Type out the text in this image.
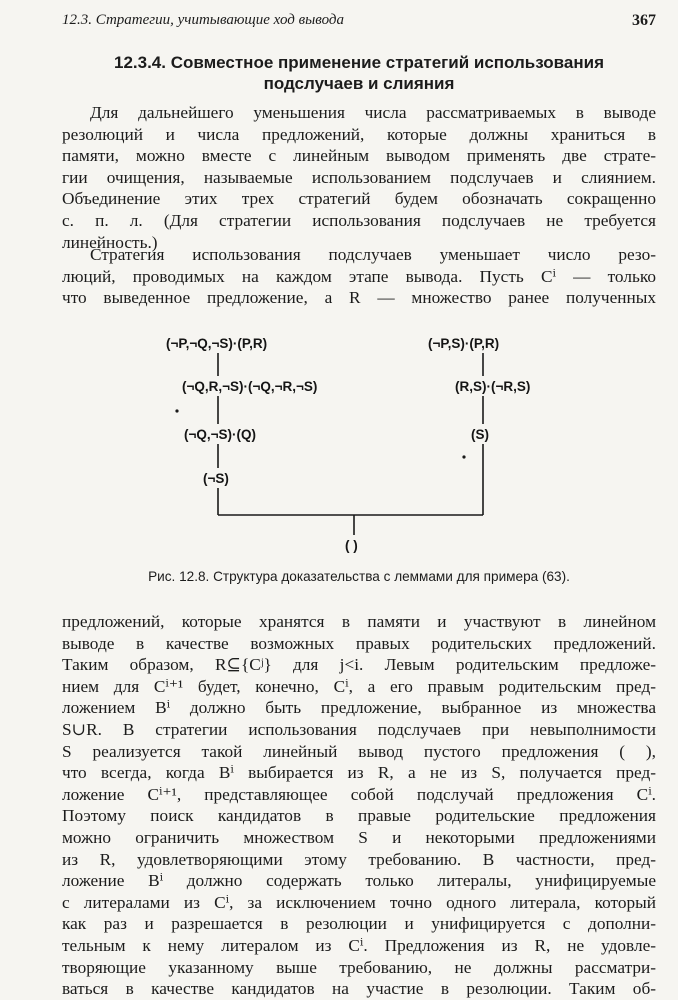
12.3. Стратегии, учитывающие ход вывода	367
12.3.4. Совместное применение стратегий использования
подслучаев и слияния
Для дальнейшего уменьшения числа рассматриваемых в выводе
резолюций и числа предложений, которые должны храниться в
памяти, можно вместе с линейным выводом применять две страте-
гии очищения, называемые использованием подслучаев и слиянием.
Объединение этих трех стратегий будем обозначать сокращенно
с. п. л. (Для стратегии использования подслучаев не требуется
линейность.)
Стратегия использования подслучаев уменьшает число резо-
люций, проводимых на каждом этапе вывода. Пусть Cⁱ — только
что выведенное предложение, а R — множество ранее полученных
(¬P,¬Q,¬S)·(P,R)
(¬Q,R,¬S)·(¬Q,¬R,¬S)
(¬Q,¬S)·(Q)
(¬S)
(¬P,S)·(P,R)
(R,S)·(¬R,S)
(S)
( )
Рис. 12.8. Структура доказательства с леммами для примера (63).
предложений, которые хранятся в памяти и участвуют в линейном
выводе в качестве возможных правых родительских предложений.
Таким образом, R⊆{Cʲ} для j<i. Левым родительским предложе-
нием для Cⁱ⁺¹ будет, конечно, Cⁱ, а его правым родительским пред-
ложением Bⁱ должно быть предложение, выбранное из множества
S∪R. В стратегии использования подслучаев при невыполнимости
S реализуется такой линейный вывод пустого предложения ( ),
что всегда, когда Bⁱ выбирается из R, а не из S, получается пред-
ложение Cⁱ⁺¹, представляющее собой подслучай предложения Cⁱ.
Поэтому поиск кандидатов в правые родительские предложения
можно ограничить множеством S и некоторыми предложениями
из R, удовлетворяющими этому требованию. В частности, пред-
ложение Bⁱ должно содержать только литералы, унифицируемые
с литералами из Cⁱ, за исключением точно одного литерала, который
как раз и разрешается в резолюции и унифицируется с дополни-
тельным к нему литералом из Cⁱ. Предложения из R, не удовле-
творяющие указанному выше требованию, не должны рассматри-
ваться в качестве кандидатов на участие в резолюции. Таким об-
